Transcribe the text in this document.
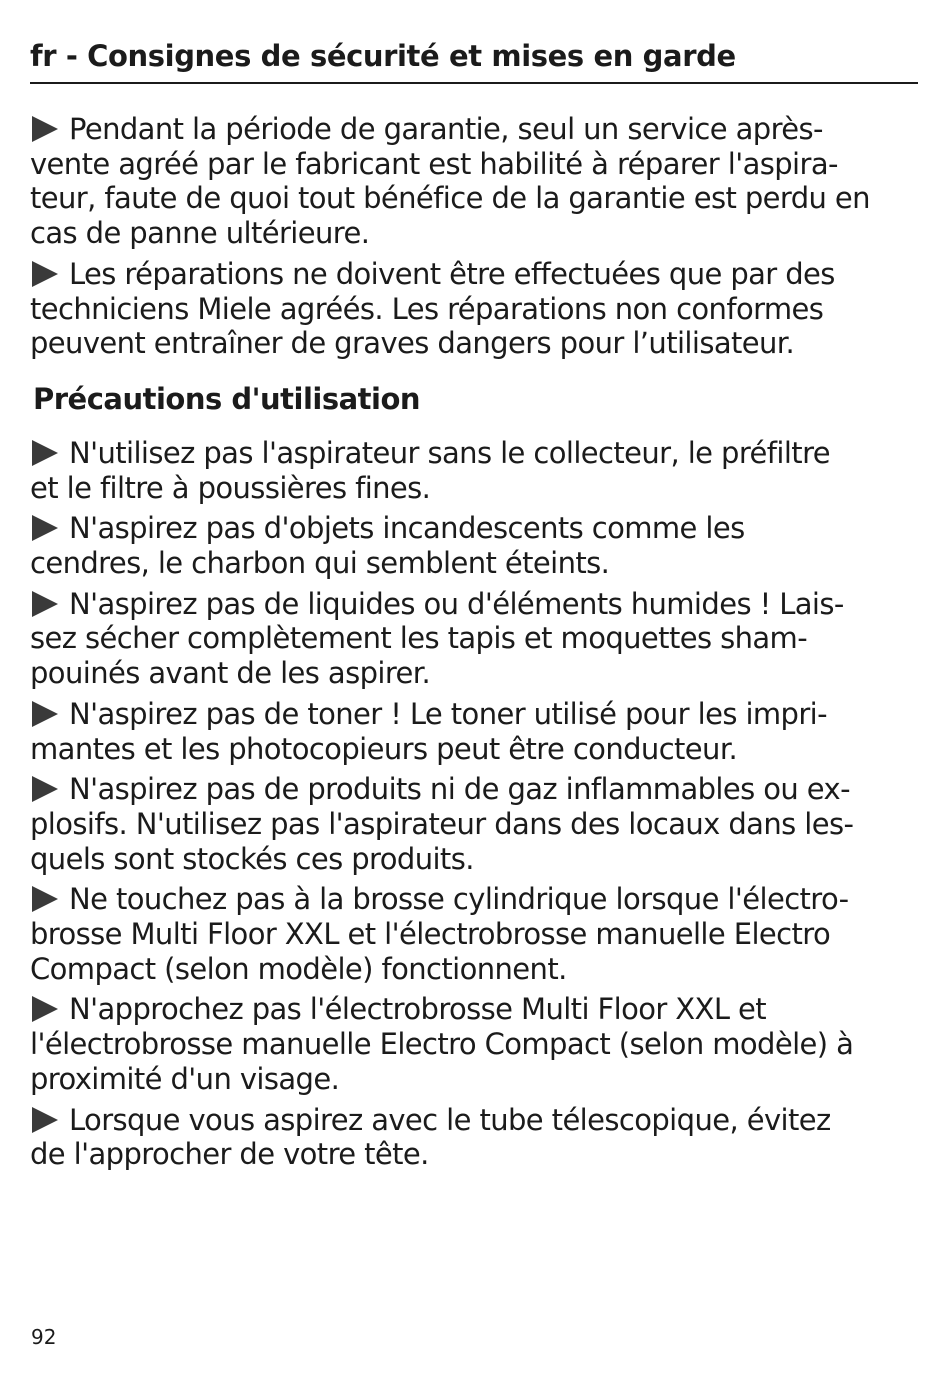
fr - Consignes de sécurité et mises en garde
Pendant la période de garantie, seul un service après-
vente agréé par le fabricant est habilité à réparer l'aspira-
teur, faute de quoi tout bénéfice de la garantie est perdu en
cas de panne ultérieure.
Les réparations ne doivent être effectuées que par des
techniciens Miele agréés. Les réparations non conformes
peuvent entraîner de graves dangers pour l’utilisateur.
Précautions d'utilisation
N'utilisez pas l'aspirateur sans le collecteur, le préfiltre
et le filtre à poussières fines.
N'aspirez pas d'objets incandescents comme les
cendres, le charbon qui semblent éteints.
N'aspirez pas de liquides ou d'éléments humides ! Lais-
sez sécher complètement les tapis et moquettes sham-
pouinés avant de les aspirer.
N'aspirez pas de toner ! Le toner utilisé pour les impri-
mantes et les photocopieurs peut être conducteur.
N'aspirez pas de produits ni de gaz inflammables ou ex-
plosifs. N'utilisez pas l'aspirateur dans des locaux dans les-
quels sont stockés ces produits.
Ne touchez pas à la brosse cylindrique lorsque l'électro-
brosse Multi Floor XXL et l'électrobrosse manuelle Electro
Compact (selon modèle) fonctionnent.
N'approchez pas l'électrobrosse Multi Floor XXL et
l'électrobrosse manuelle Electro Compact (selon modèle) à
proximité d'un visage.
Lorsque vous aspirez avec le tube télescopique, évitez
de l'approcher de votre tête.
92
